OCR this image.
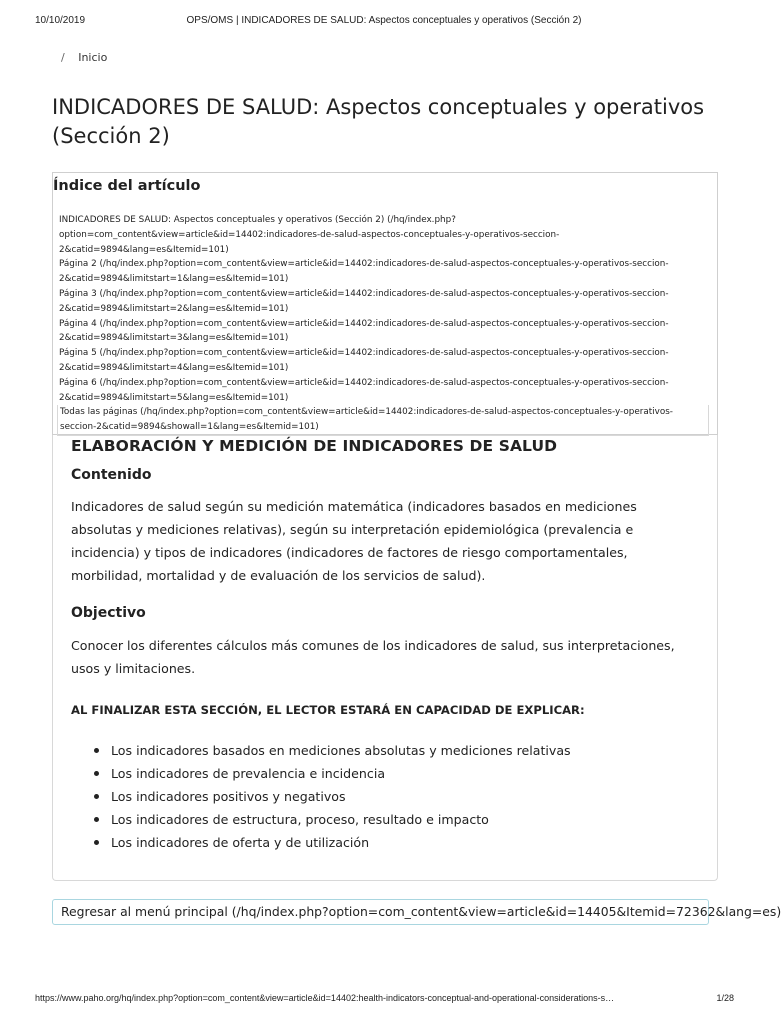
10/10/2019	OPS/OMS | INDICADORES DE SALUD: Aspectos conceptuales y operativos (Sección 2)
/ Inicio
INDICADORES DE SALUD: Aspectos conceptuales y operativos (Sección 2)
Índice del artículo
INDICADORES DE SALUD: Aspectos conceptuales y operativos (Sección 2) (/hq/index.php?option=com_content&view=article&id=14402:indicadores-de-salud-aspectos-conceptuales-y-operativos-seccion-2&catid=9894&lang=es&Itemid=101)
Página 2 (/hq/index.php?option=com_content&view=article&id=14402:indicadores-de-salud-aspectos-conceptuales-y-operativos-seccion-2&catid=9894&limitstart=1&lang=es&Itemid=101)
Página 3 (/hq/index.php?option=com_content&view=article&id=14402:indicadores-de-salud-aspectos-conceptuales-y-operativos-seccion-2&catid=9894&limitstart=2&lang=es&Itemid=101)
Página 4 (/hq/index.php?option=com_content&view=article&id=14402:indicadores-de-salud-aspectos-conceptuales-y-operativos-seccion-2&catid=9894&limitstart=3&lang=es&Itemid=101)
Página 5 (/hq/index.php?option=com_content&view=article&id=14402:indicadores-de-salud-aspectos-conceptuales-y-operativos-seccion-2&catid=9894&limitstart=4&lang=es&Itemid=101)
Página 6 (/hq/index.php?option=com_content&view=article&id=14402:indicadores-de-salud-aspectos-conceptuales-y-operativos-seccion-2&catid=9894&limitstart=5&lang=es&Itemid=101)
Todas las páginas (/hq/index.php?option=com_content&view=article&id=14402:indicadores-de-salud-aspectos-conceptuales-y-operativos-seccion-2&catid=9894&showall=1&lang=es&Itemid=101)
ELABORACIÓN Y MEDICIÓN DE INDICADORES DE SALUD
Contenido

Indicadores de salud según su medición matemática (indicadores basados en mediciones absolutas y mediciones relativas), según su interpretación epidemiológica (prevalencia e incidencia) y tipos de indicadores (indicadores de factores de riesgo comportamentales, morbilidad, mortalidad y de evaluación de los servicios de salud).

Objectivo

Conocer los diferentes cálculos más comunes de los indicadores de salud, sus interpretaciones, usos y limitaciones.

AL FINALIZAR ESTA SECCIÓN, EL LECTOR ESTARÁ EN CAPACIDAD DE EXPLICAR:
Los indicadores basados en mediciones absolutas y mediciones relativas
Los indicadores de prevalencia e incidencia
Los indicadores positivos y negativos
Los indicadores de estructura, proceso, resultado e impacto
Los indicadores de oferta y de utilización
Regresar al menú principal (/hq/index.php?option=com_content&view=article&id=14405&Itemid=72362&lang=es)
https://www.paho.org/hq/index.php?option=com_content&view=article&id=14402:health-indicators-conceptual-and-operational-considerations-s…	1/28
